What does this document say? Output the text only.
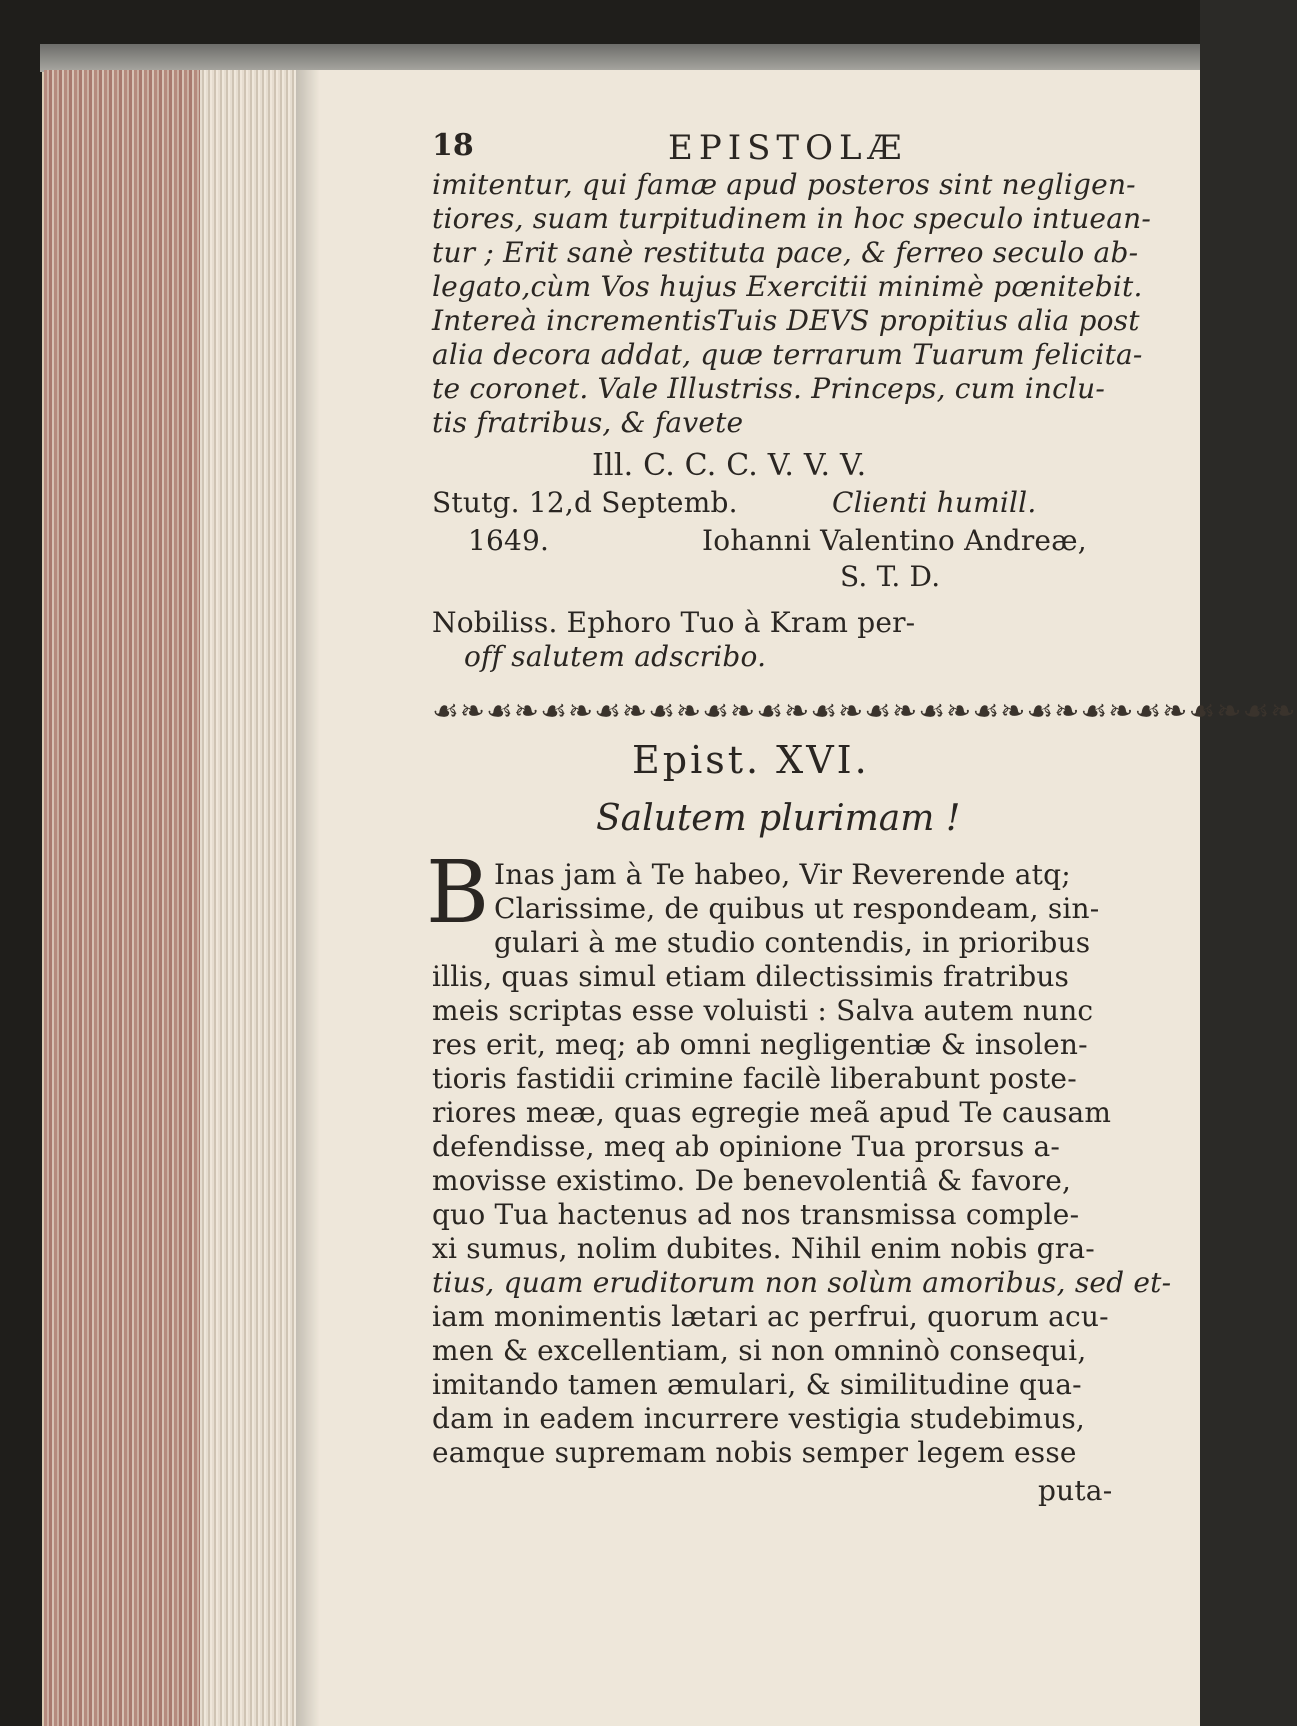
18	EPISTOLÆ
imitentur, qui famæ apud posteros sint negligen-
tiores, suam turpitudinem in hoc speculo intuean-
tur ; Erit sanè restituta pace, & ferreo seculo ab-
legato,cùm Vos hujus Exercitii minimè pœnitebit.
Intereà incrementisTuis DEVS propitius alia post
alia decora addat, quæ terrarum Tuarum felicita-
te coronet. Vale Illustriss. Princeps, cum inclu-
tis fratribus, & favete
Ill. C. C. C. V. V. V.
Stutg. 12,d Septemb.	Clienti humill.
1649.	Iohanni Valentino Andreæ,
S. T. D.
Nobiliss. Ephoro Tuo à Kram per-
off salutem adscribo.
☙❧☙❧☙❧☙❧☙❧☙❧☙❧☙❧☙❧☙❧☙❧☙❧☙❧☙❧☙❧☙❧
Epist. XVI.
Salutem plurimam !
B Inas jam à Te habeo, Vir Reverende atq;
Clarissime, de quibus ut respondeam, sin-
gulari à me studio contendis, in prioribus
illis, quas simul etiam dilectissimis fratribus
meis scriptas esse voluisti : Salva autem nunc
res erit, meq; ab omni negligentiæ & insolen-
tioris fastidii crimine facilè liberabunt poste-
riores meæ, quas egregie meã apud Te causam
defendisse, meq ab opinione Tua prorsus a-
movisse existimo. De benevolentiâ & favore,
quo Tua hactenus ad nos transmissa comple-
xi sumus, nolim dubites. Nihil enim nobis gra-
tius, quam eruditorum non solùm amoribus, sed et-
iam monimentis lætari ac perfrui, quorum acu-
men & excellentiam, si non omninò consequi,
imitando tamen æmulari, & similitudine qua-
dam in eadem incurrere vestigia studebimus,
eamque supremam nobis semper legem esse
puta-
